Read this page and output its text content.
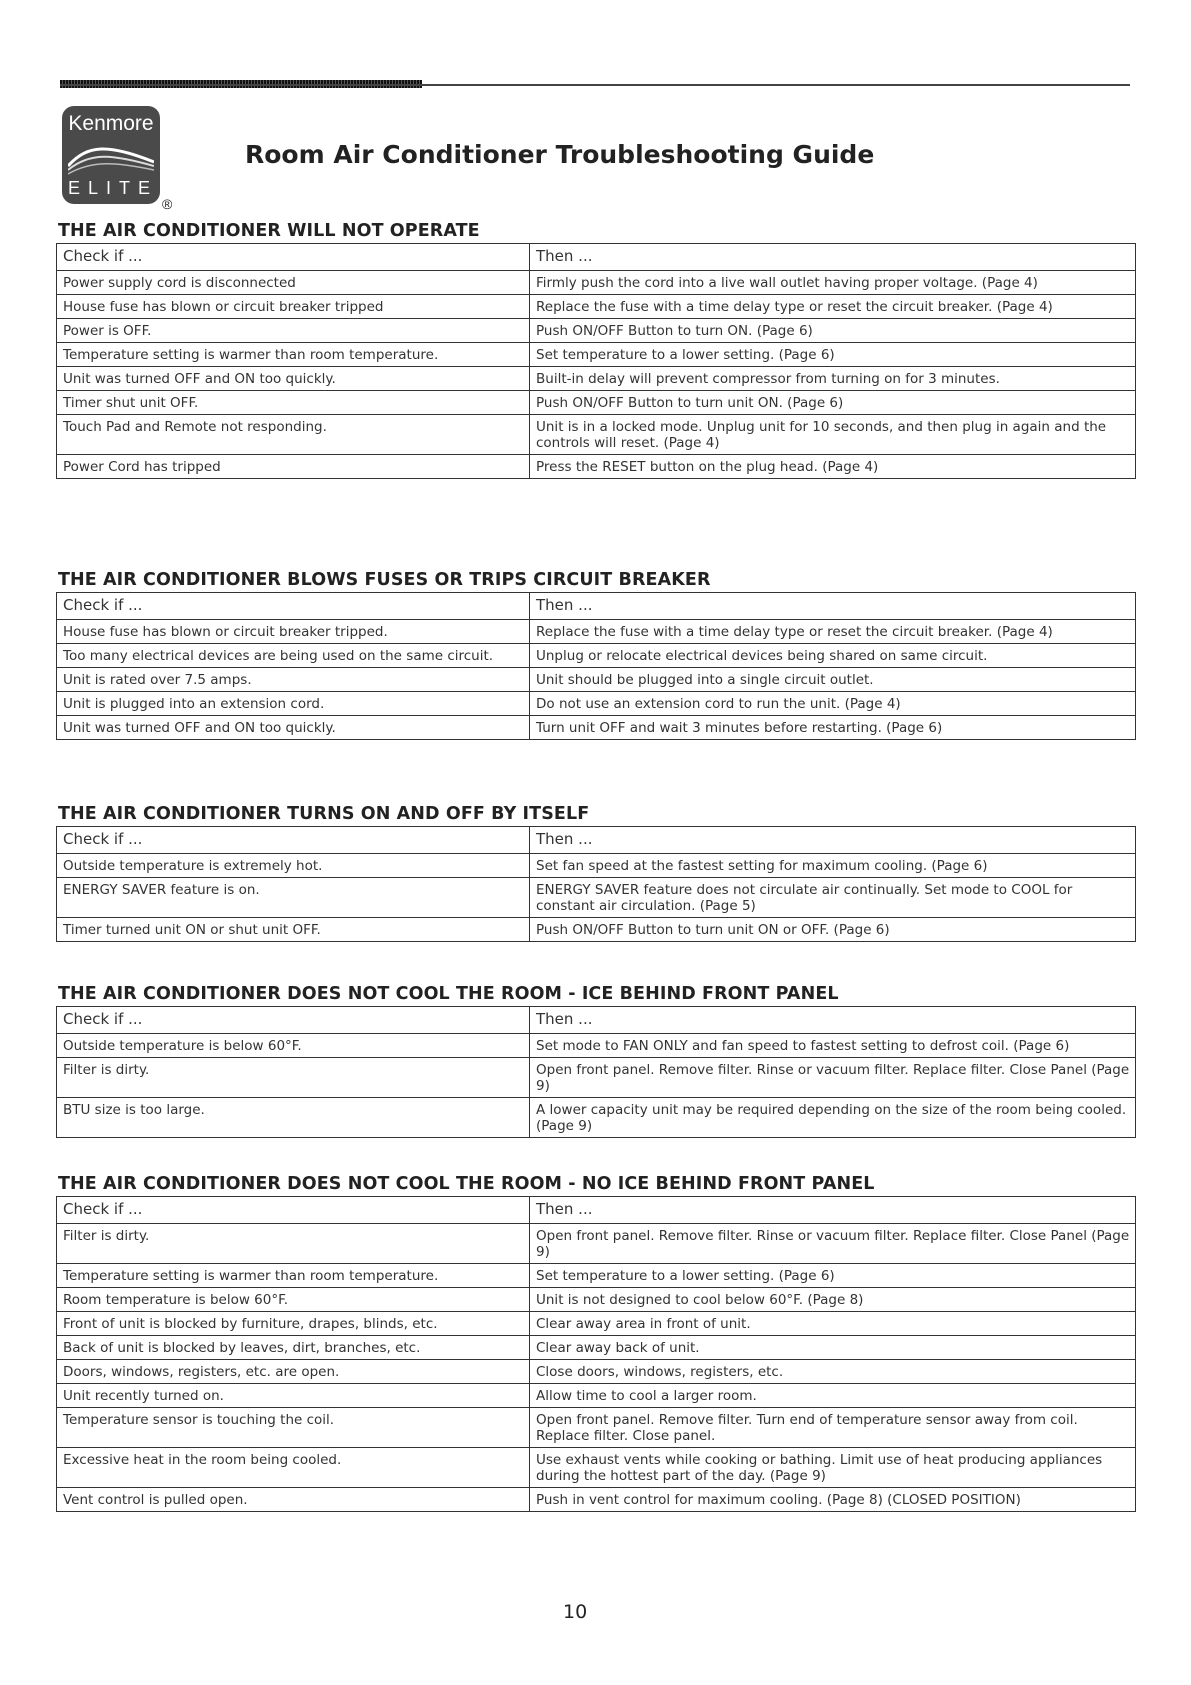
Kenmore
ELITE
®
Room Air Conditioner Troubleshooting Guide
THE AIR CONDITIONER WILL NOT OPERATE
Check if ...	Then ...
Power supply cord is disconnected	Firmly push the cord into a live wall outlet having proper voltage. (Page 4)
House fuse has blown or circuit breaker tripped	Replace the fuse with a time delay type or reset the circuit breaker. (Page 4)
Power is OFF.	Push ON/OFF Button to turn ON. (Page 6)
Temperature setting is warmer than room temperature.	Set temperature to a lower setting. (Page 6)
Unit was turned OFF and ON too quickly.	Built-in delay will prevent compressor from turning on for 3 minutes.
Timer shut unit OFF.	Push ON/OFF Button to turn unit ON. (Page 6)
Touch Pad and Remote not responding.	Unit is in a locked mode. Unplug unit for 10 seconds, and then plug in again and the controls will reset. (Page 4)
Power Cord has tripped	Press the RESET button on the plug head. (Page 4)
THE AIR CONDITIONER BLOWS FUSES OR TRIPS CIRCUIT BREAKER
Check if ...	Then ...
House fuse has blown or circuit breaker tripped.	Replace the fuse with a time delay type or reset the circuit breaker. (Page 4)
Too many electrical devices are being used on the same circuit.	Unplug or relocate electrical devices being shared on same circuit.
Unit is rated over 7.5 amps.	Unit should be plugged into a single circuit outlet.
Unit is plugged into an extension cord.	Do not use an extension cord to run the unit. (Page 4)
Unit was turned OFF and ON too quickly.	Turn unit OFF and wait 3 minutes before restarting. (Page 6)
THE AIR CONDITIONER TURNS ON AND OFF BY ITSELF
Check if ...	Then ...
Outside temperature is extremely hot.	Set fan speed at the fastest setting for maximum cooling. (Page 6)
ENERGY SAVER feature is on.	ENERGY SAVER feature does not circulate air continually. Set mode to COOL for constant air circulation. (Page 5)
Timer turned unit ON or shut unit OFF.	Push ON/OFF Button to turn unit ON or OFF. (Page 6)
THE AIR CONDITIONER DOES NOT COOL THE ROOM - ICE BEHIND FRONT PANEL
Check if ...	Then ...
Outside temperature is below 60°F.	Set mode to FAN ONLY and fan speed to fastest setting to defrost coil. (Page 6)
Filter is dirty.	Open front panel. Remove filter. Rinse or vacuum filter. Replace filter. Close Panel (Page 9)
BTU size is too large.	A lower capacity unit may be required depending on the size of the room being cooled. (Page 9)
THE AIR CONDITIONER DOES NOT COOL THE ROOM - NO ICE BEHIND FRONT PANEL
Check if ...	Then ...
Filter is dirty.	Open front panel. Remove filter. Rinse or vacuum filter. Replace filter. Close Panel (Page 9)
Temperature setting is warmer than room temperature.	Set temperature to a lower setting. (Page 6)
Room temperature is below 60°F.	Unit is not designed to cool below 60°F. (Page 8)
Front of unit is blocked by furniture, drapes, blinds, etc.	Clear away area in front of unit.
Back of unit is blocked by leaves, dirt, branches, etc.	Clear away back of unit.
Doors, windows, registers, etc. are open.	Close doors, windows, registers, etc.
Unit recently turned on.	Allow time to cool a larger room.
Temperature sensor is touching the coil.	Open front panel. Remove filter. Turn end of temperature sensor away from coil. Replace filter. Close panel.
Excessive heat in the room being cooled.	Use exhaust vents while cooking or bathing. Limit use of heat producing appliances during the hottest part of the day. (Page 9)
Vent control is pulled open.	Push in vent control for maximum cooling. (Page 8) (CLOSED POSITION)
10
